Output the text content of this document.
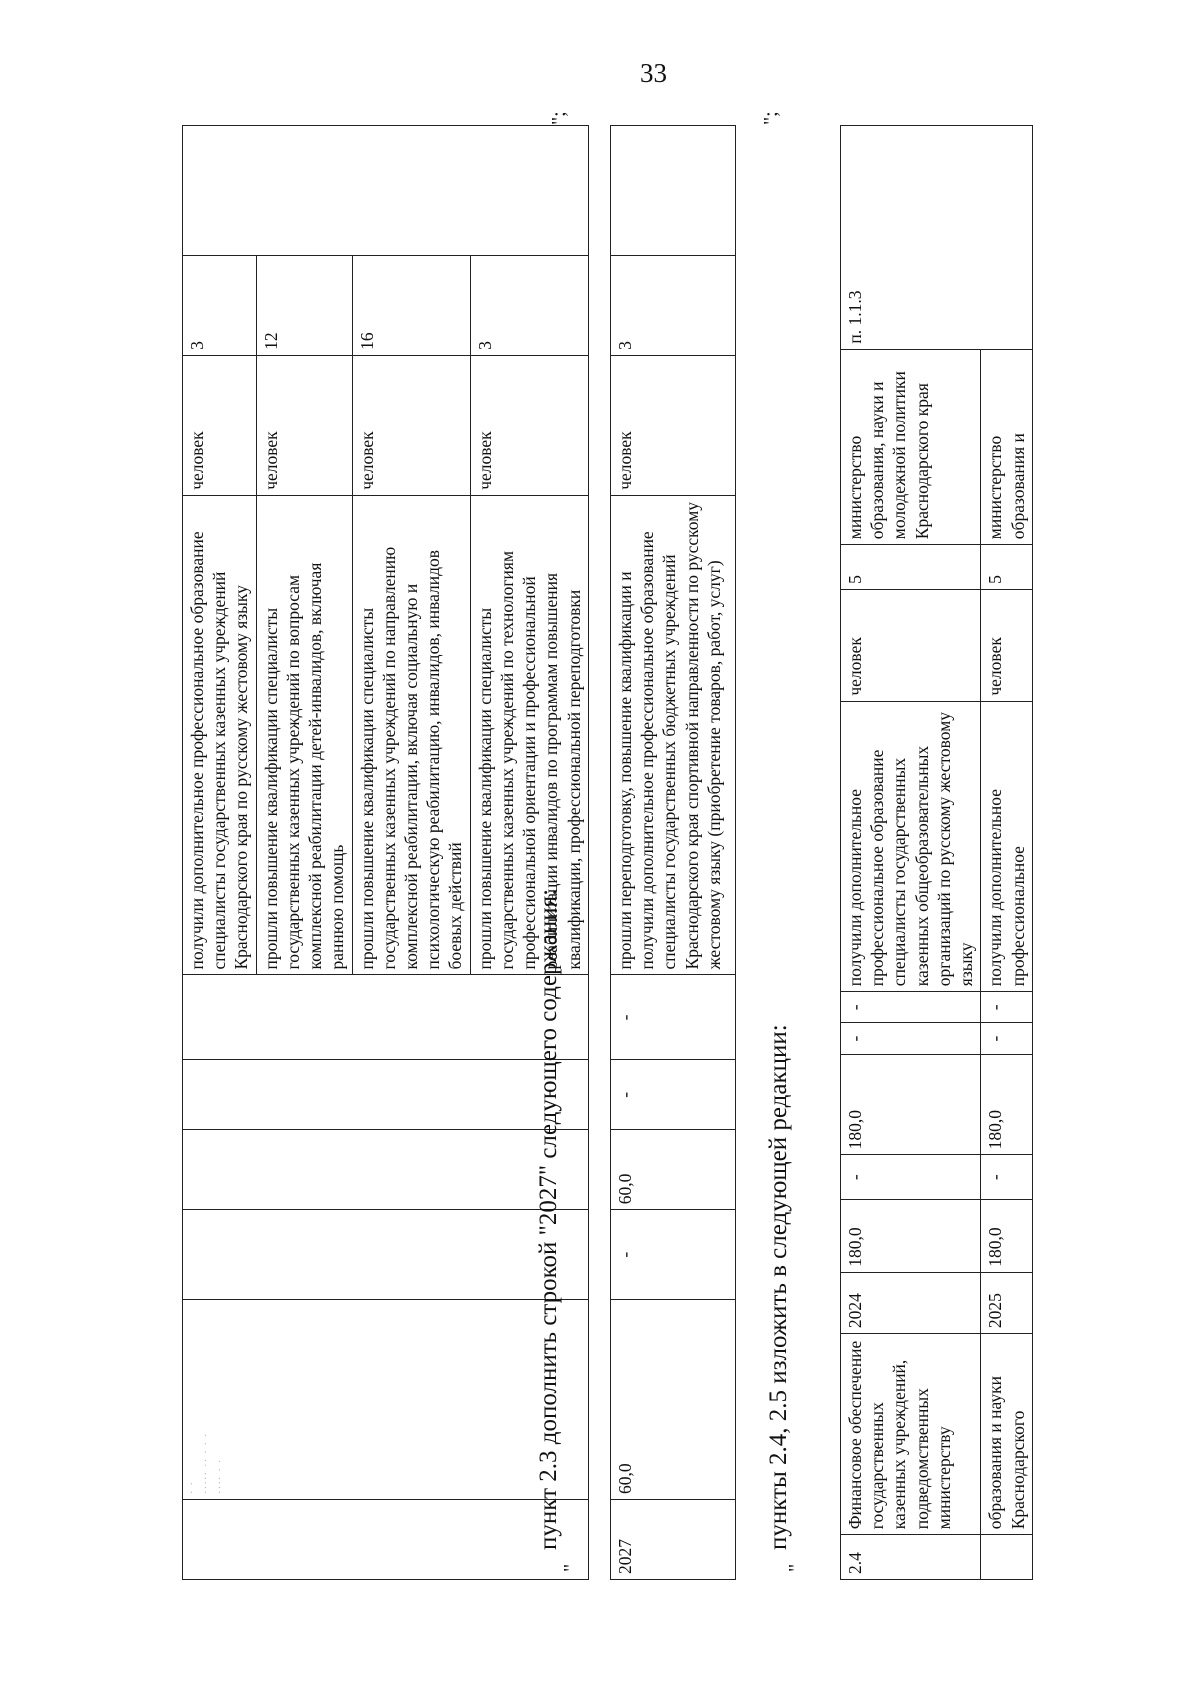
33

	· · ····· ·· · · · ···· · ·					получили дополнительное профессиональное образование специалисты государственных казенных учреждений Краснодарского края по русскому жестовому языку	человек	3	
						прошли повышение квалификации специалисты государственных казенных учреждений по вопросам комплексной реабилитации детей-инвалидов, включая раннюю помощь	человек	12	
						прошли повышение квалификации специалисты государственных казенных учреждений по направлению комплексной реабилитации, включая социальную и психологическую реабилитацию, инвалидов, инвалидов боевых действий	человек	16	
						прошли повышение квалификации специалисты государственных казенных учреждений по технологиям профессиональной ориентации и профессиональной реабилитации инвалидов по программам повышения квалификации, профессиональной переподготовки	человек	3	
"
пункт 2.3 дополнить строкой "2027" следующего содержания:
";
2027	60,0	-	60,0	-	-	прошли переподготовку, повышение квалификации и получили дополнительное профессиональное образование специалисты государственных бюджетных учреждений Краснодарского края спортивной направленности по русскому жестовому языку (приобретение товаров, работ, услуг)	человек	3	
"
пункты 2.4, 2.5 изложить в следующей редакции:
";
2.4	Финансовое обеспечение государственных казенных учреждений, подведомственных министерству	2024	180,0	-	180,0	-	-	получили дополнительное профессиональное образование специалисты государственных казенных общеобразовательных организаций по русскому жестовому языку	человек	5	министерство образования, науки и молодежной политики Краснодарского края	п. 1.1.3
	образования и науки Краснодарского	2025	180,0	-	180,0	-	-	получили дополнительное профессиональное	человек	5	министерство образования и	
